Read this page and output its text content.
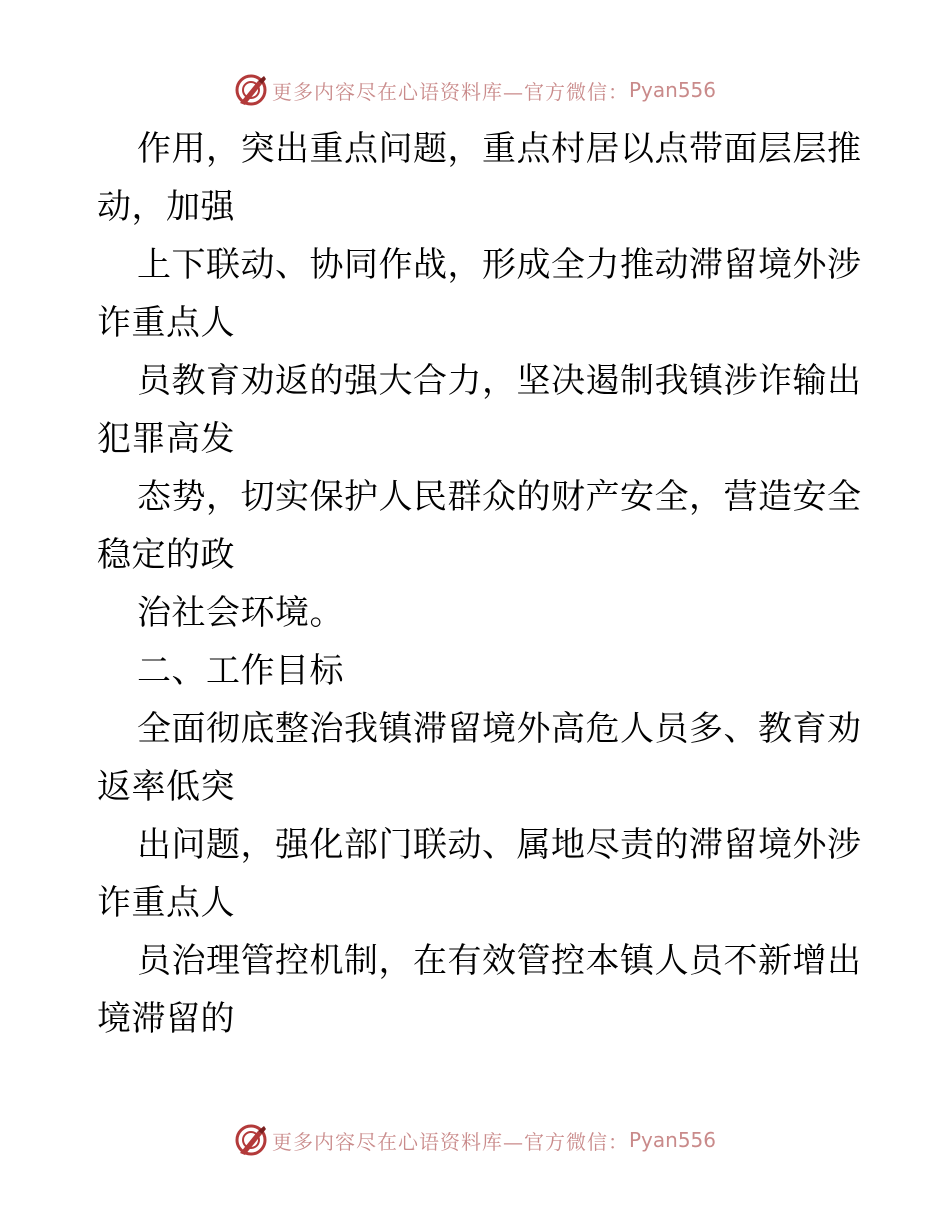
更多内容尽在心语资料库—官方微信： Pyan556
作用，突出重点问题，重点村居以点带面层层推
动，加强
上下联动、协同作战，形成全力推动滞留境外涉
诈重点人
员教育劝返的强大合力，坚决遏制我镇涉诈输出
犯罪高发
态势，切实保护人民群众的财产安全，营造安全
稳定的政
治社会环境。
二、工作目标
全面彻底整治我镇滞留境外高危人员多、教育劝
返率低突
出问题，强化部门联动、属地尽责的滞留境外涉
诈重点人
员治理管控机制，在有效管控本镇人员不新增出
境滞留的
更多内容尽在心语资料库—官方微信： Pyan556
